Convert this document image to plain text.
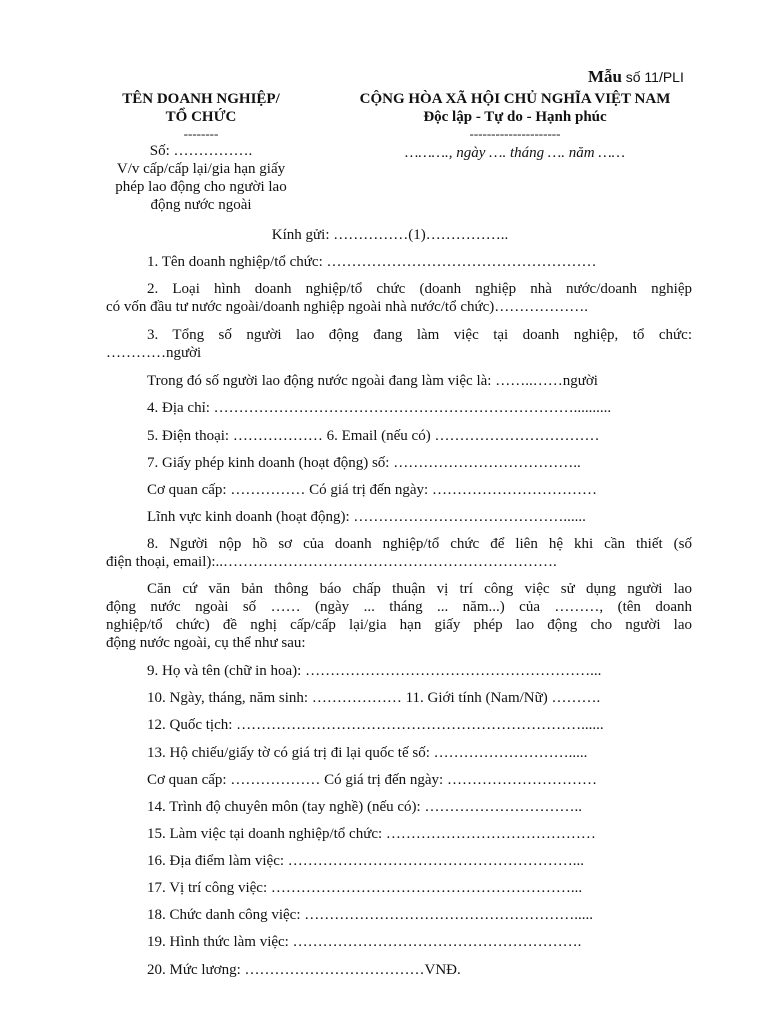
Mẫu số 11/PLI
TÊN DOANH NGHIỆP/
TỔ CHỨC
--------
Số: …………….
V/v cấp/cấp lại/gia hạn giấy
phép lao động cho người lao
động nước ngoài
CỘNG HÒA XÃ HỘI CHỦ NGHĨA VIỆT NAM
Độc lập - Tự do - Hạnh phúc
---------------------
………., ngày …. tháng …. năm ……
Kính gửi: ……………(1)……………..
1. Tên doanh nghiệp/tổ chức: ………………………………………………
2. Loại hình doanh nghiệp/tổ chức (doanh nghiệp nhà nước/doanh nghiệp
có vốn đầu tư nước ngoài/doanh nghiệp ngoài nhà nước/tổ chức)……………….
3. Tổng số người lao động đang làm việc tại doanh nghiệp, tổ chức:
…………người
Trong đó số người lao động nước ngoài đang làm việc là: ……..……người
4. Địa chỉ: ………………………………………………………………..........
5. Điện thoại: ……………… 6. Email (nếu có) ……………………………
7. Giấy phép kinh doanh (hoạt động) số: ………………………………..
Cơ quan cấp: …………… Có giá trị đến ngày: ……………………………
Lĩnh vực kinh doanh (hoạt động): ……………………………………......
8. Người nộp hồ sơ của doanh nghiệp/tổ chức để liên hệ khi cần thiết (số
điện thoại, email):..………………………………………………………….
Căn cứ văn bản thông báo chấp thuận vị trí công việc sử dụng người lao
động nước ngoài số …… (ngày ... tháng ... năm...) của ………, (tên doanh
nghiệp/tổ chức) đề nghị cấp/cấp lại/gia hạn giấy phép lao động cho người lao
động nước ngoài, cụ thể như sau:
9. Họ và tên (chữ in hoa): …………………………………………………...
10. Ngày, tháng, năm sinh: ……………… 11. Giới tính (Nam/Nữ) ……….
12. Quốc tịch: ……………………………………………………………......
13. Hộ chiếu/giấy tờ có giá trị đi lại quốc tế số: ……………………….....
Cơ quan cấp: ……………… Có giá trị đến ngày: …………………………
14. Trình độ chuyên môn (tay nghề) (nếu có): …………………………..
15. Làm việc tại doanh nghiệp/tổ chức: ……………………………………
16. Địa điểm làm việc: …………………………………………………...
17. Vị trí công việc: ……………………………………………………...
18. Chức danh công việc: ……………………………………………….....
19. Hình thức làm việc: ………………………………………………….
20. Mức lương: ………………………………VNĐ.
